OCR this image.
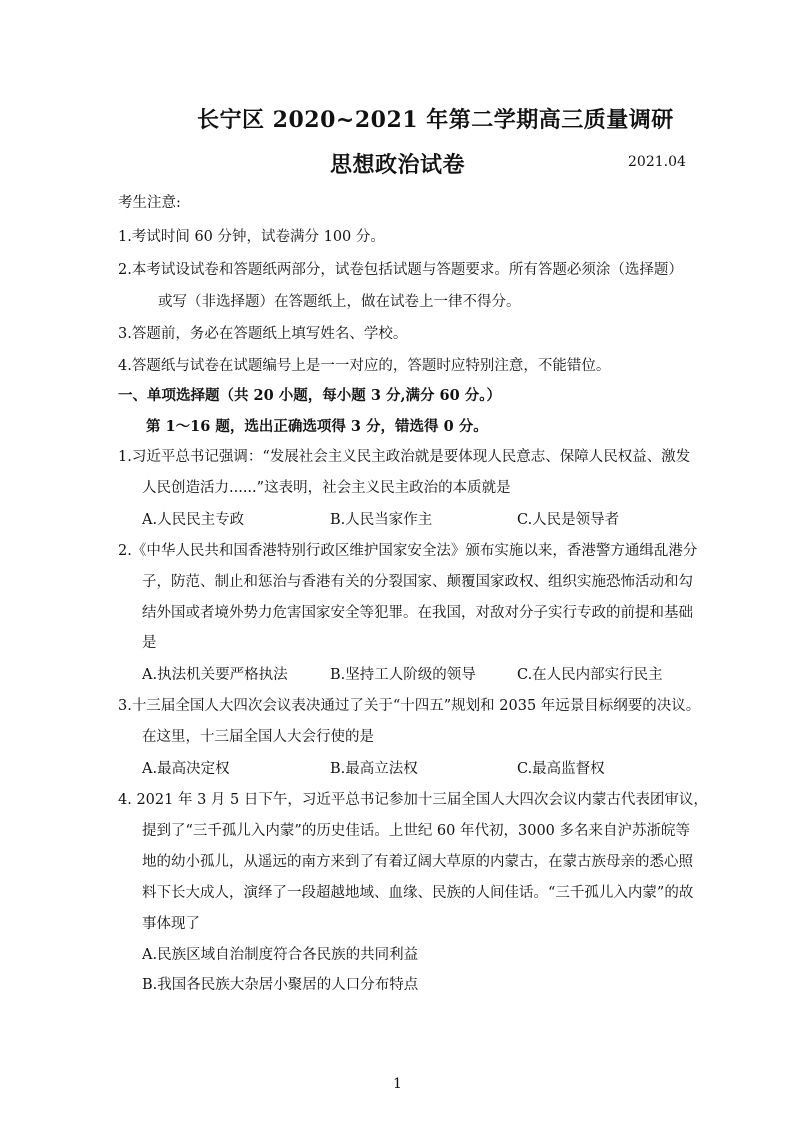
长宁区 2020~2021 年第二学期高三质量调研
思想政治试卷	2021.04
考生注意:
1.考试时间 60 分钟，试卷满分 100 分。
2.本考试设试卷和答题纸两部分，试卷包括试题与答题要求。所有答题必须涂（选择题）
或写（非选择题）在答题纸上，做在试卷上一律不得分。
3.答题前，务必在答题纸上填写姓名、学校。
4.答题纸与试卷在试题编号上是一一对应的，答题时应特别注意，不能错位。
一、单项选择题（共 20 小题，每小题 3 分,满分 60 分。）
第 1～16 题，选出正确选项得 3 分，错选得 0 分。
1.习近平总书记强调：“发展社会主义民主政治就是要体现人民意志、保障人民权益、激发
人民创造活力......”这表明，社会主义民主政治的本质就是
A.人民民主专政	B.人民当家作主	C.人民是领导者
2.《中华人民共和国香港特别行政区维护国家安全法》颁布实施以来，香港警方通缉乱港分
子，防范、制止和惩治与香港有关的分裂国家、颠覆国家政权、组织实施恐怖活动和勾
结外国或者境外势力危害国家安全等犯罪。在我国，对敌对分子实行专政的前提和基础
是
A.执法机关要严格执法	B.坚持工人阶级的领导	C.在人民内部实行民主
3.十三届全国人大四次会议表决通过了关于“十四五”规划和 2035 年远景目标纲要的决议。
在这里，十三届全国人大会行使的是
A.最高决定权	B.最高立法权	C.最高监督权
4. 2021 年 3 月 5 日下午，习近平总书记参加十三届全国人大四次会议内蒙古代表团审议，
提到了“三千孤儿入内蒙”的历史佳话。上世纪 60 年代初，3000 多名来自沪苏浙皖等
地的幼小孤儿，从遥远的南方来到了有着辽阔大草原的内蒙古，在蒙古族母亲的悉心照
料下长大成人，演绎了一段超越地域、血缘、民族的人间佳话。“三千孤儿入内蒙”的故
事体现了
A.民族区域自治制度符合各民族的共同利益
B.我国各民族大杂居小聚居的人口分布特点
1
